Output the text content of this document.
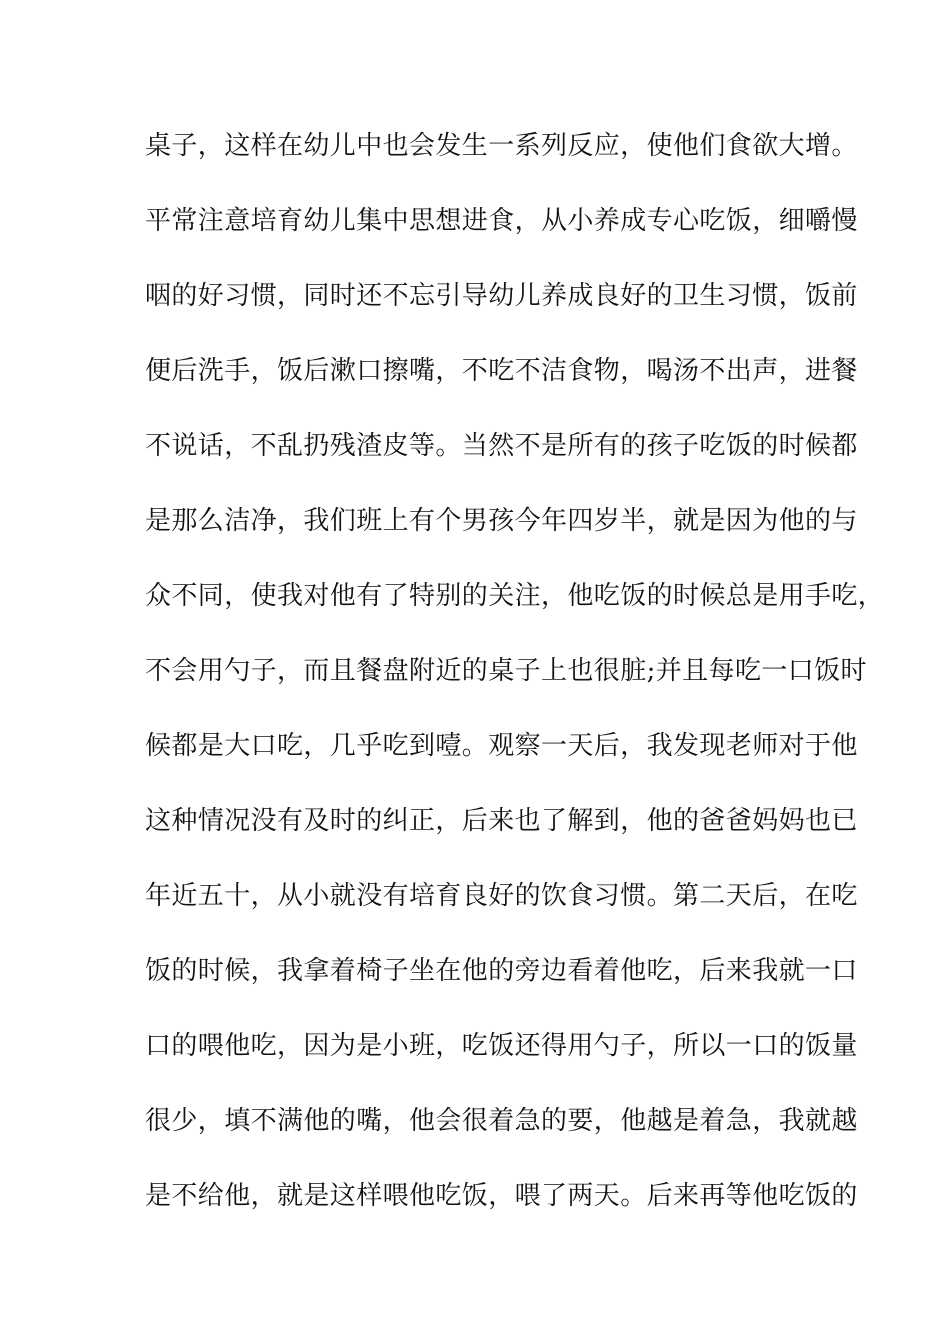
桌子，这样在幼儿中也会发生一系列反应，使他们食欲大增。
平常注意培育幼儿集中思想进食，从小养成专心吃饭，细嚼慢
咽的好习惯，同时还不忘引导幼儿养成良好的卫生习惯，饭前
便后洗手，饭后漱口擦嘴，不吃不洁食物，喝汤不出声，进餐
不说话，不乱扔残渣皮等。当然不是所有的孩子吃饭的时候都
是那么洁净，我们班上有个男孩今年四岁半，就是因为他的与
众不同，使我对他有了特别的关注，他吃饭的时候总是用手吃，
不会用勺子，而且餐盘附近的桌子上也很脏;并且每吃一口饭时
候都是大口吃，几乎吃到噎。观察一天后，我发现老师对于他
这种情况没有及时的纠正，后来也了解到，他的爸爸妈妈也已
年近五十，从小就没有培育良好的饮食习惯。第二天后，在吃
饭的时候，我拿着椅子坐在他的旁边看着他吃，后来我就一口
口的喂他吃，因为是小班，吃饭还得用勺子，所以一口的饭量
很少，填不满他的嘴，他会很着急的要，他越是着急，我就越
是不给他，就是这样喂他吃饭，喂了两天。后来再等他吃饭的
